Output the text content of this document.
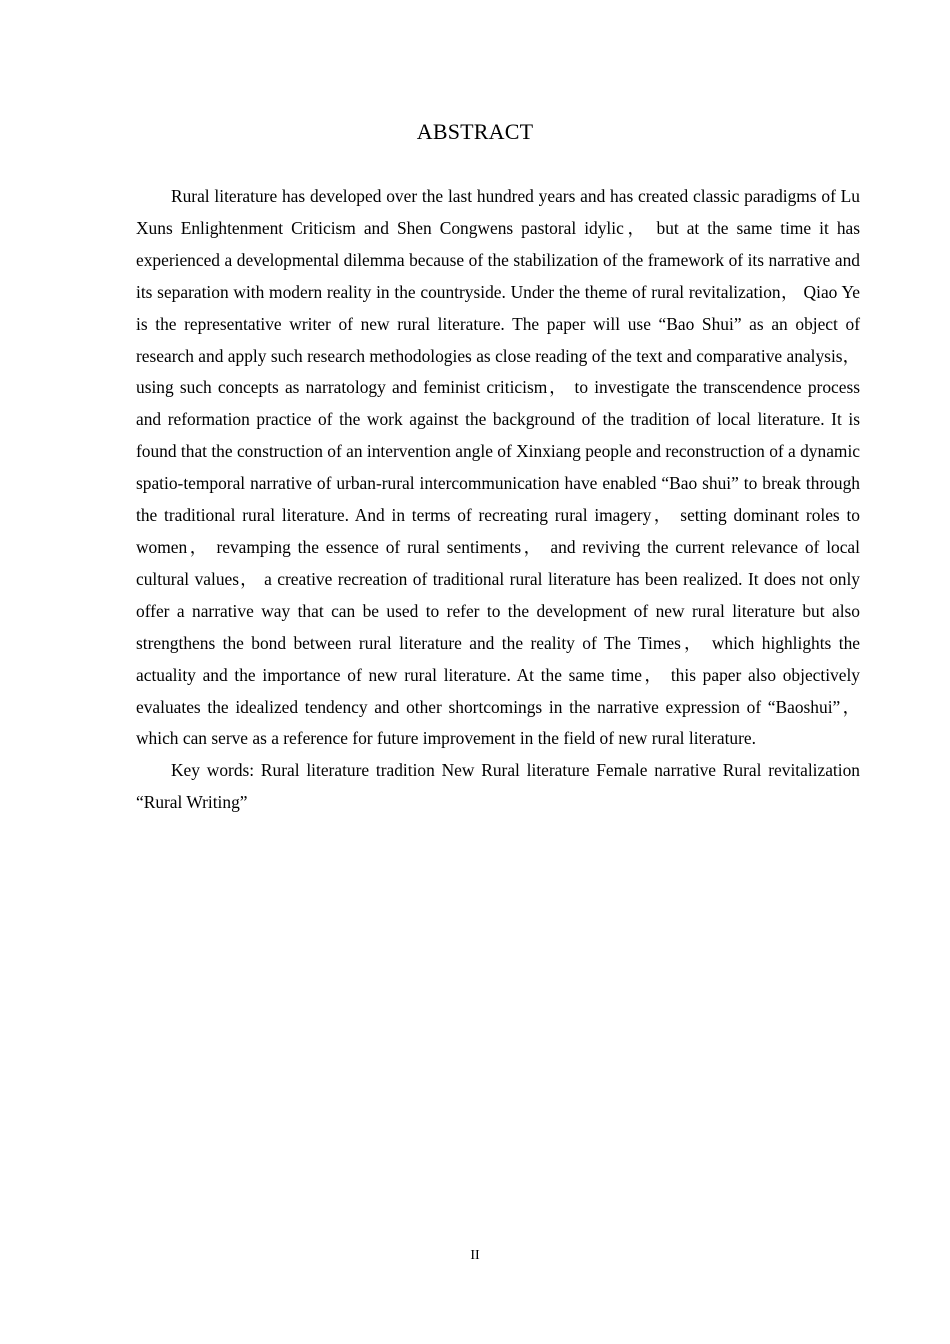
ABSTRACT

Rural literature has developed over the last hundred years and has created classic paradigms of Lu Xuns Enlightenment Criticism and Shen Congwens pastoral idylic， but at the same time it has experienced a developmental dilemma because of the stabilization of the framework of its narrative and its separation with modern reality in the countryside. Under the theme of rural revitalization， Qiao Ye is the representative writer of new rural literature. The paper will use “Bao Shui” as an object of research and apply such research methodologies as close reading of the text and comparative analysis， using such concepts as narratology and feminist criticism， to investigate the transcendence process and reformation practice of the work against the background of the tradition of local literature. It is found that the construction of an intervention angle of Xinxiang people and reconstruction of a dynamic spatio-temporal narrative of urban-rural intercommunication have enabled “Bao shui” to break through the traditional rural literature. And in terms of recreating rural imagery， setting dominant roles to women， revamping the essence of rural sentiments， and reviving the current relevance of local cultural values， a creative recreation of traditional rural literature has been realized. It does not only offer a narrative way that can be used to refer to the development of new rural literature but also strengthens the bond between rural literature and the reality of The Times， which highlights the actuality and the importance of new rural literature. At the same time， this paper also objectively evaluates the idealized tendency and other shortcomings in the narrative expression of “Baoshui”， which can serve as a reference for future improvement in the field of new rural literature.

Key words: Rural literature tradition New Rural literature Female narrative Rural revitalization “Rural Writing”

II
